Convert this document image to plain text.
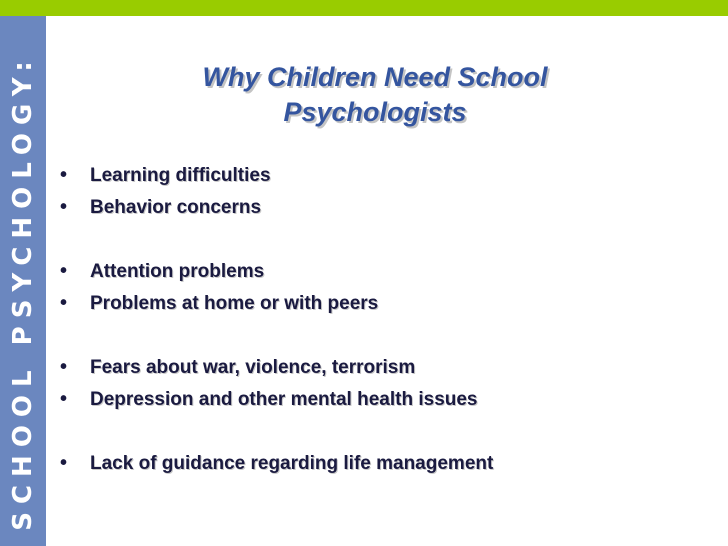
SCHOOL PSYCHOLOGY:	Why Children Need School
Psychologists
•	Learning difficulties
•	Behavior concerns
•	Attention problems
•	Problems at home or with peers
•	Fears about war, violence, terrorism
•	Depression and other mental health issues
•	Lack of guidance regarding life management
